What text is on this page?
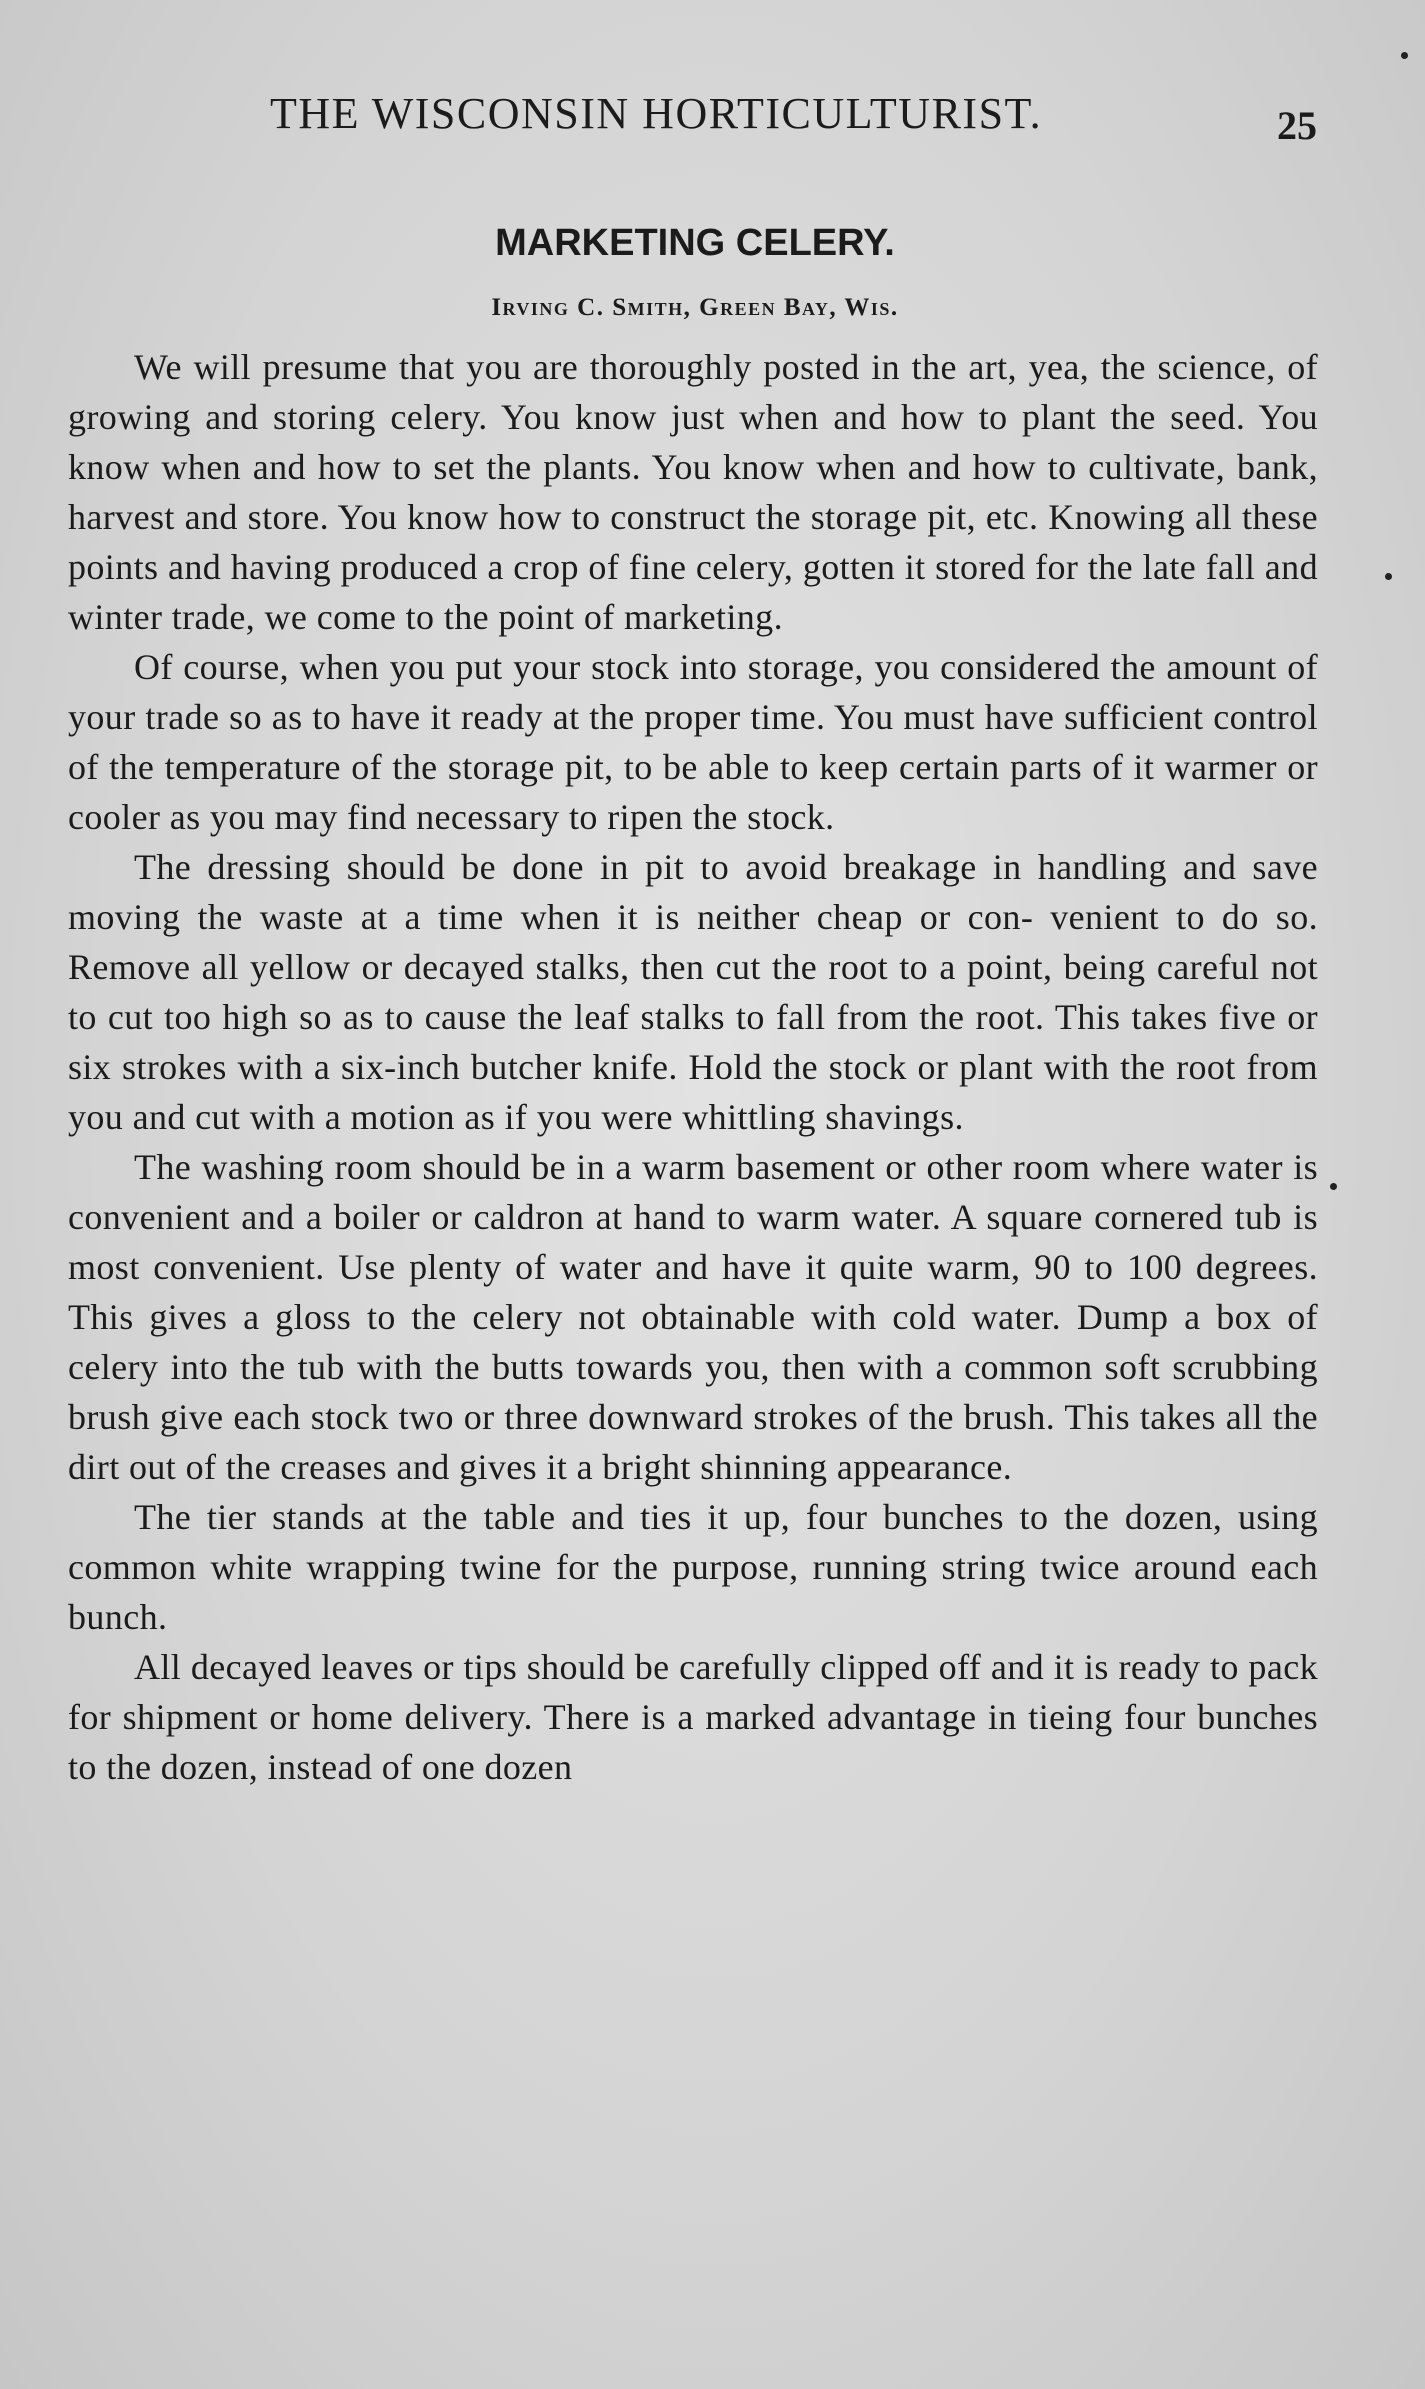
THE WISCONSIN HORTICULTURIST.	25
MARKETING CELERY.
Irving C. Smith, Green Bay, Wis.

We will presume that you are thoroughly posted in the art, yea, the science, of growing and storing celery. You know just when and how to plant the seed. You know when and how to set the plants. You know when and how to cultivate, bank, harvest and store. You know how to construct the storage pit, etc. Knowing all these points and having produced a crop of fine celery, gotten it stored for the late fall and winter trade, we come to the point of marketing.

Of course, when you put your stock into storage, you considered the amount of your trade so as to have it ready at the proper time. You must have sufficient control of the temperature of the storage pit, to be able to keep certain parts of it warmer or cooler as you may find necessary to ripen the stock.

The dressing should be done in pit to avoid breakage in handling and save moving the waste at a time when it is neither cheap or con- venient to do so. Remove all yellow or decayed stalks, then cut the root to a point, being careful not to cut too high so as to cause the leaf stalks to fall from the root. This takes five or six strokes with a six-inch butcher knife. Hold the stock or plant with the root from you and cut with a motion as if you were whittling shavings.

The washing room should be in a warm basement or other room where water is convenient and a boiler or caldron at hand to warm water. A square cornered tub is most convenient. Use plenty of water and have it quite warm, 90 to 100 degrees. This gives a gloss to the celery not obtainable with cold water. Dump a box of celery into the tub with the butts towards you, then with a common soft scrubbing brush give each stock two or three downward strokes of the brush. This takes all the dirt out of the creases and gives it a bright shinning appearance.

The tier stands at the table and ties it up, four bunches to the dozen, using common white wrapping twine for the purpose, running string twice around each bunch.

All decayed leaves or tips should be carefully clipped off and it is ready to pack for shipment or home delivery. There is a marked advantage in tieing four bunches to the dozen, instead of one dozen
